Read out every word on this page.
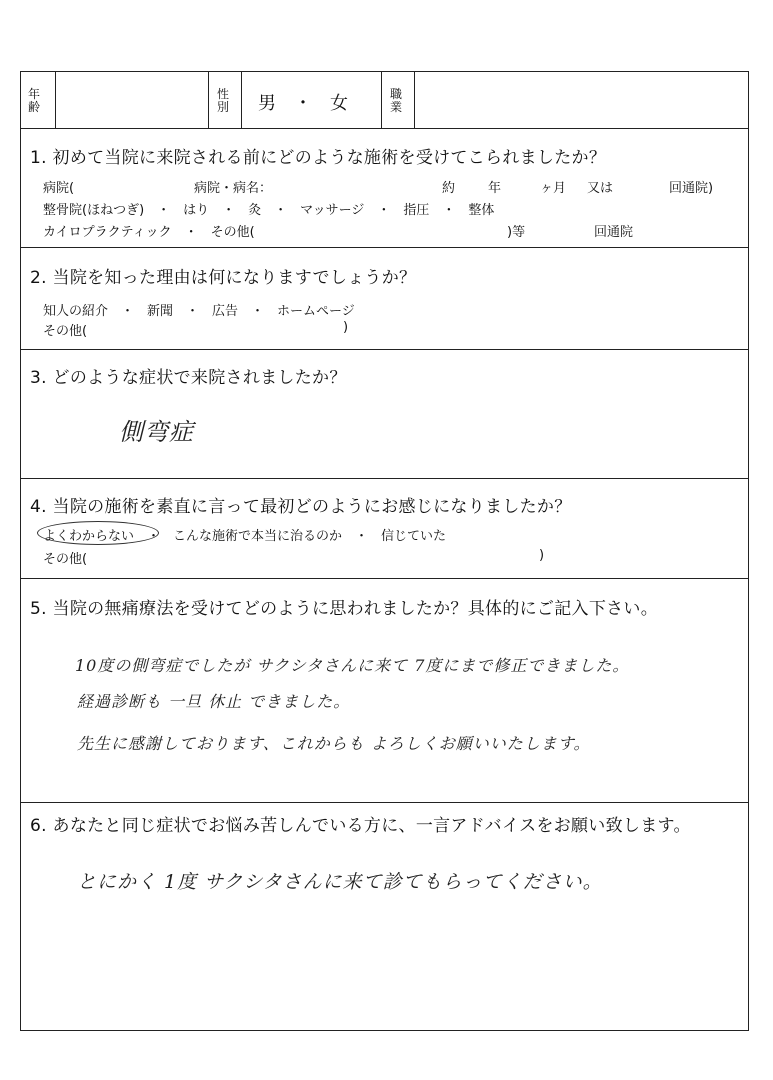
年齢
性別 男　・　女	職業
1. 初めて当院に来院される前にどのような施術を受けてこられましたか？
病院(	病院・病名：	約	年	ヶ月 又は	回通院)
整骨院(ほねつぎ)　・　はり　・　灸　・　マッサージ　・　指圧　・　整体
カイロプラクティック　・　その他(	)等	回通院
2. 当院を知った理由は何になりますでしょうか？
知人の紹介　・　新聞　・　広告　・　ホームページ
その他(	)
3. どのような症状で来院されましたか？
側弯症
4. 当院の施術を素直に言って最初どのようにお感じになりましたか？
よくわからない　・　こんな施術で本当に治るのか　・　信じていた
その他(	)
5. 当院の無痛療法を受けてどのように思われましたか？具体的にご記入下さい。
10度の側弯症でしたが サクシタさんに来て 7度にまで修正できました。
経過診断も 一旦 休止 できました。
先生に感謝しております、これからも よろしくお願いいたします。
6. あなたと同じ症状でお悩み苦しんでいる方に、一言アドバイスをお願い致します。
とにかく 1度 サクシタさんに来て診てもらってください。
